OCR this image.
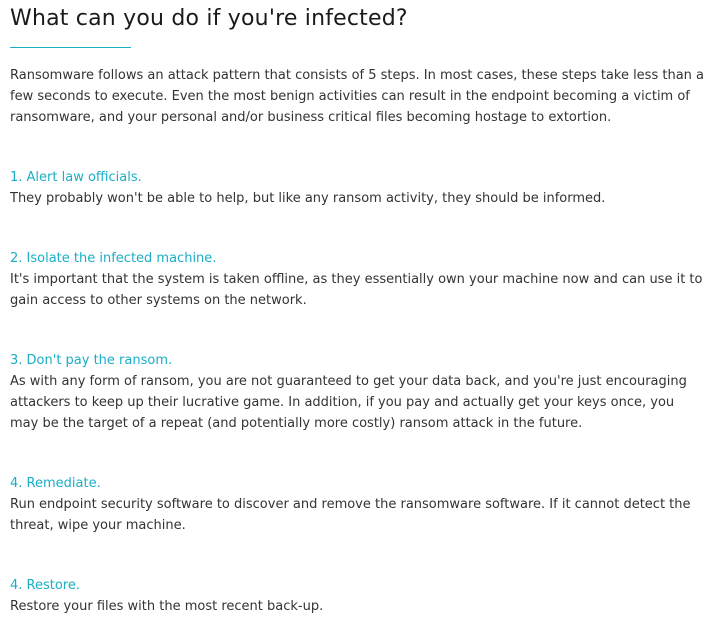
What can you do if you're infected?

Ransomware follows an attack pattern that consists of 5 steps. In most cases, these steps take less than a few seconds to execute. Even the most benign activities can result in the endpoint becoming a victim of ransomware, and your personal and/or business critical files becoming hostage to extortion.

1. Alert law officials.

They probably won't be able to help, but like any ransom activity, they should be informed.

2. Isolate the infected machine.

It's important that the system is taken offline, as they essentially own your machine now and can use it to gain access to other systems on the network.

3. Don't pay the ransom.

As with any form of ransom, you are not guaranteed to get your data back, and you're just encouraging attackers to keep up their lucrative game. In addition, if you pay and actually get your keys once, you may be the target of a repeat (and potentially more costly) ransom attack in the future.

4. Remediate.

Run endpoint security software to discover and remove the ransomware software. If it cannot detect the threat, wipe your machine.

4. Restore.

Restore your files with the most recent back-up.
